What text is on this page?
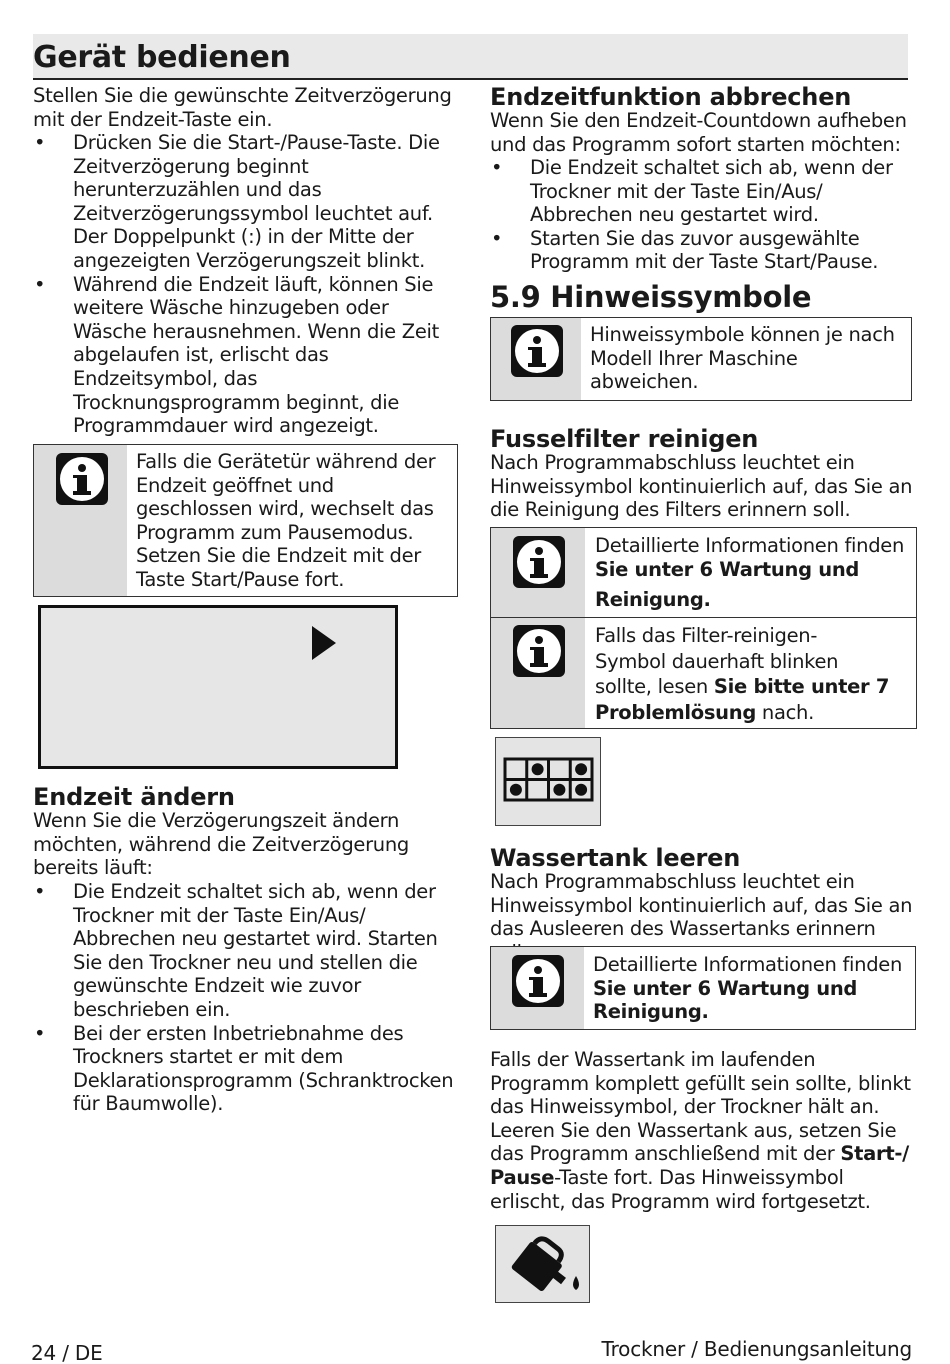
Gerät bedienen
Stellen Sie die gewünschte Zeitverzögerung mit der Endzeit-Taste ein.
• Drücken Sie die Start-/Pause-Taste. Die Zeitverzögerung beginnt herunterzuzählen und das Zeitverzögerungssymbol leuchtet auf. Der Doppelpunkt (:) in der Mitte der angezeigten Verzögerungszeit blinkt.
• Während die Endzeit läuft, können Sie weitere Wäsche hinzugeben oder Wäsche herausnehmen. Wenn die Zeit abgelaufen ist, erlischt das Endzeitsymbol, das Trocknungsprogramm beginnt, die Programmdauer wird angezeigt.
Falls die Gerätetür während der Endzeit geöffnet und geschlossen wird, wechselt das Programm zum Pausemodus. Setzen Sie die Endzeit mit der Taste Start/Pause fort.
Endzeit ändern
Wenn Sie die Verzögerungszeit ändern möchten, während die Zeitverzögerung bereits läuft:
• Die Endzeit schaltet sich ab, wenn der Trockner mit der Taste Ein/Aus/ Abbrechen neu gestartet wird. Starten Sie den Trockner neu und stellen die gewünschte Endzeit wie zuvor beschrieben ein.
• Bei der ersten Inbetriebnahme des Trockners startet er mit dem Deklarationsprogramm (Schranktrocken für Baumwolle).
Endzeitfunktion abbrechen
Wenn Sie den Endzeit-Countdown aufheben und das Programm sofort starten möchten:
• Die Endzeit schaltet sich ab, wenn der Trockner mit der Taste Ein/Aus/ Abbrechen neu gestartet wird.
• Starten Sie das zuvor ausgewählte Programm mit der Taste Start/Pause.
5.9 Hinweissymbole
Hinweissymbole können je nach Modell Ihrer Maschine abweichen.
Fusselfilter reinigen
Nach Programmabschluss leuchtet ein Hinweissymbol kontinuierlich auf, das Sie an die Reinigung des Filters erinnern soll.
Detaillierte Informationen finden
Sie unter 6 Wartung und
Reinigung.
Falls das Filter-reinigen-
Symbol dauerhaft blinken
sollte, lesen Sie bitte unter 7
Problemlösung nach.
Wassertank leeren
Nach Programmabschluss leuchtet ein Hinweissymbol kontinuierlich auf, das Sie an das Ausleeren des Wassertanks erinnern
Detaillierte Informationen finden
Sie unter 6 Wartung und
Reinigung.
Falls der Wassertank im laufenden Programm komplett gefüllt sein sollte, blinkt das Hinweissymbol, der Trockner hält an. Leeren Sie den Wassertank aus, setzen Sie das Programm anschließend mit der Start-/ Pause-Taste fort. Das Hinweissymbol erlischt, das Programm wird fortgesetzt.
24 / DE	Trockner / Bedienungsanleitung
